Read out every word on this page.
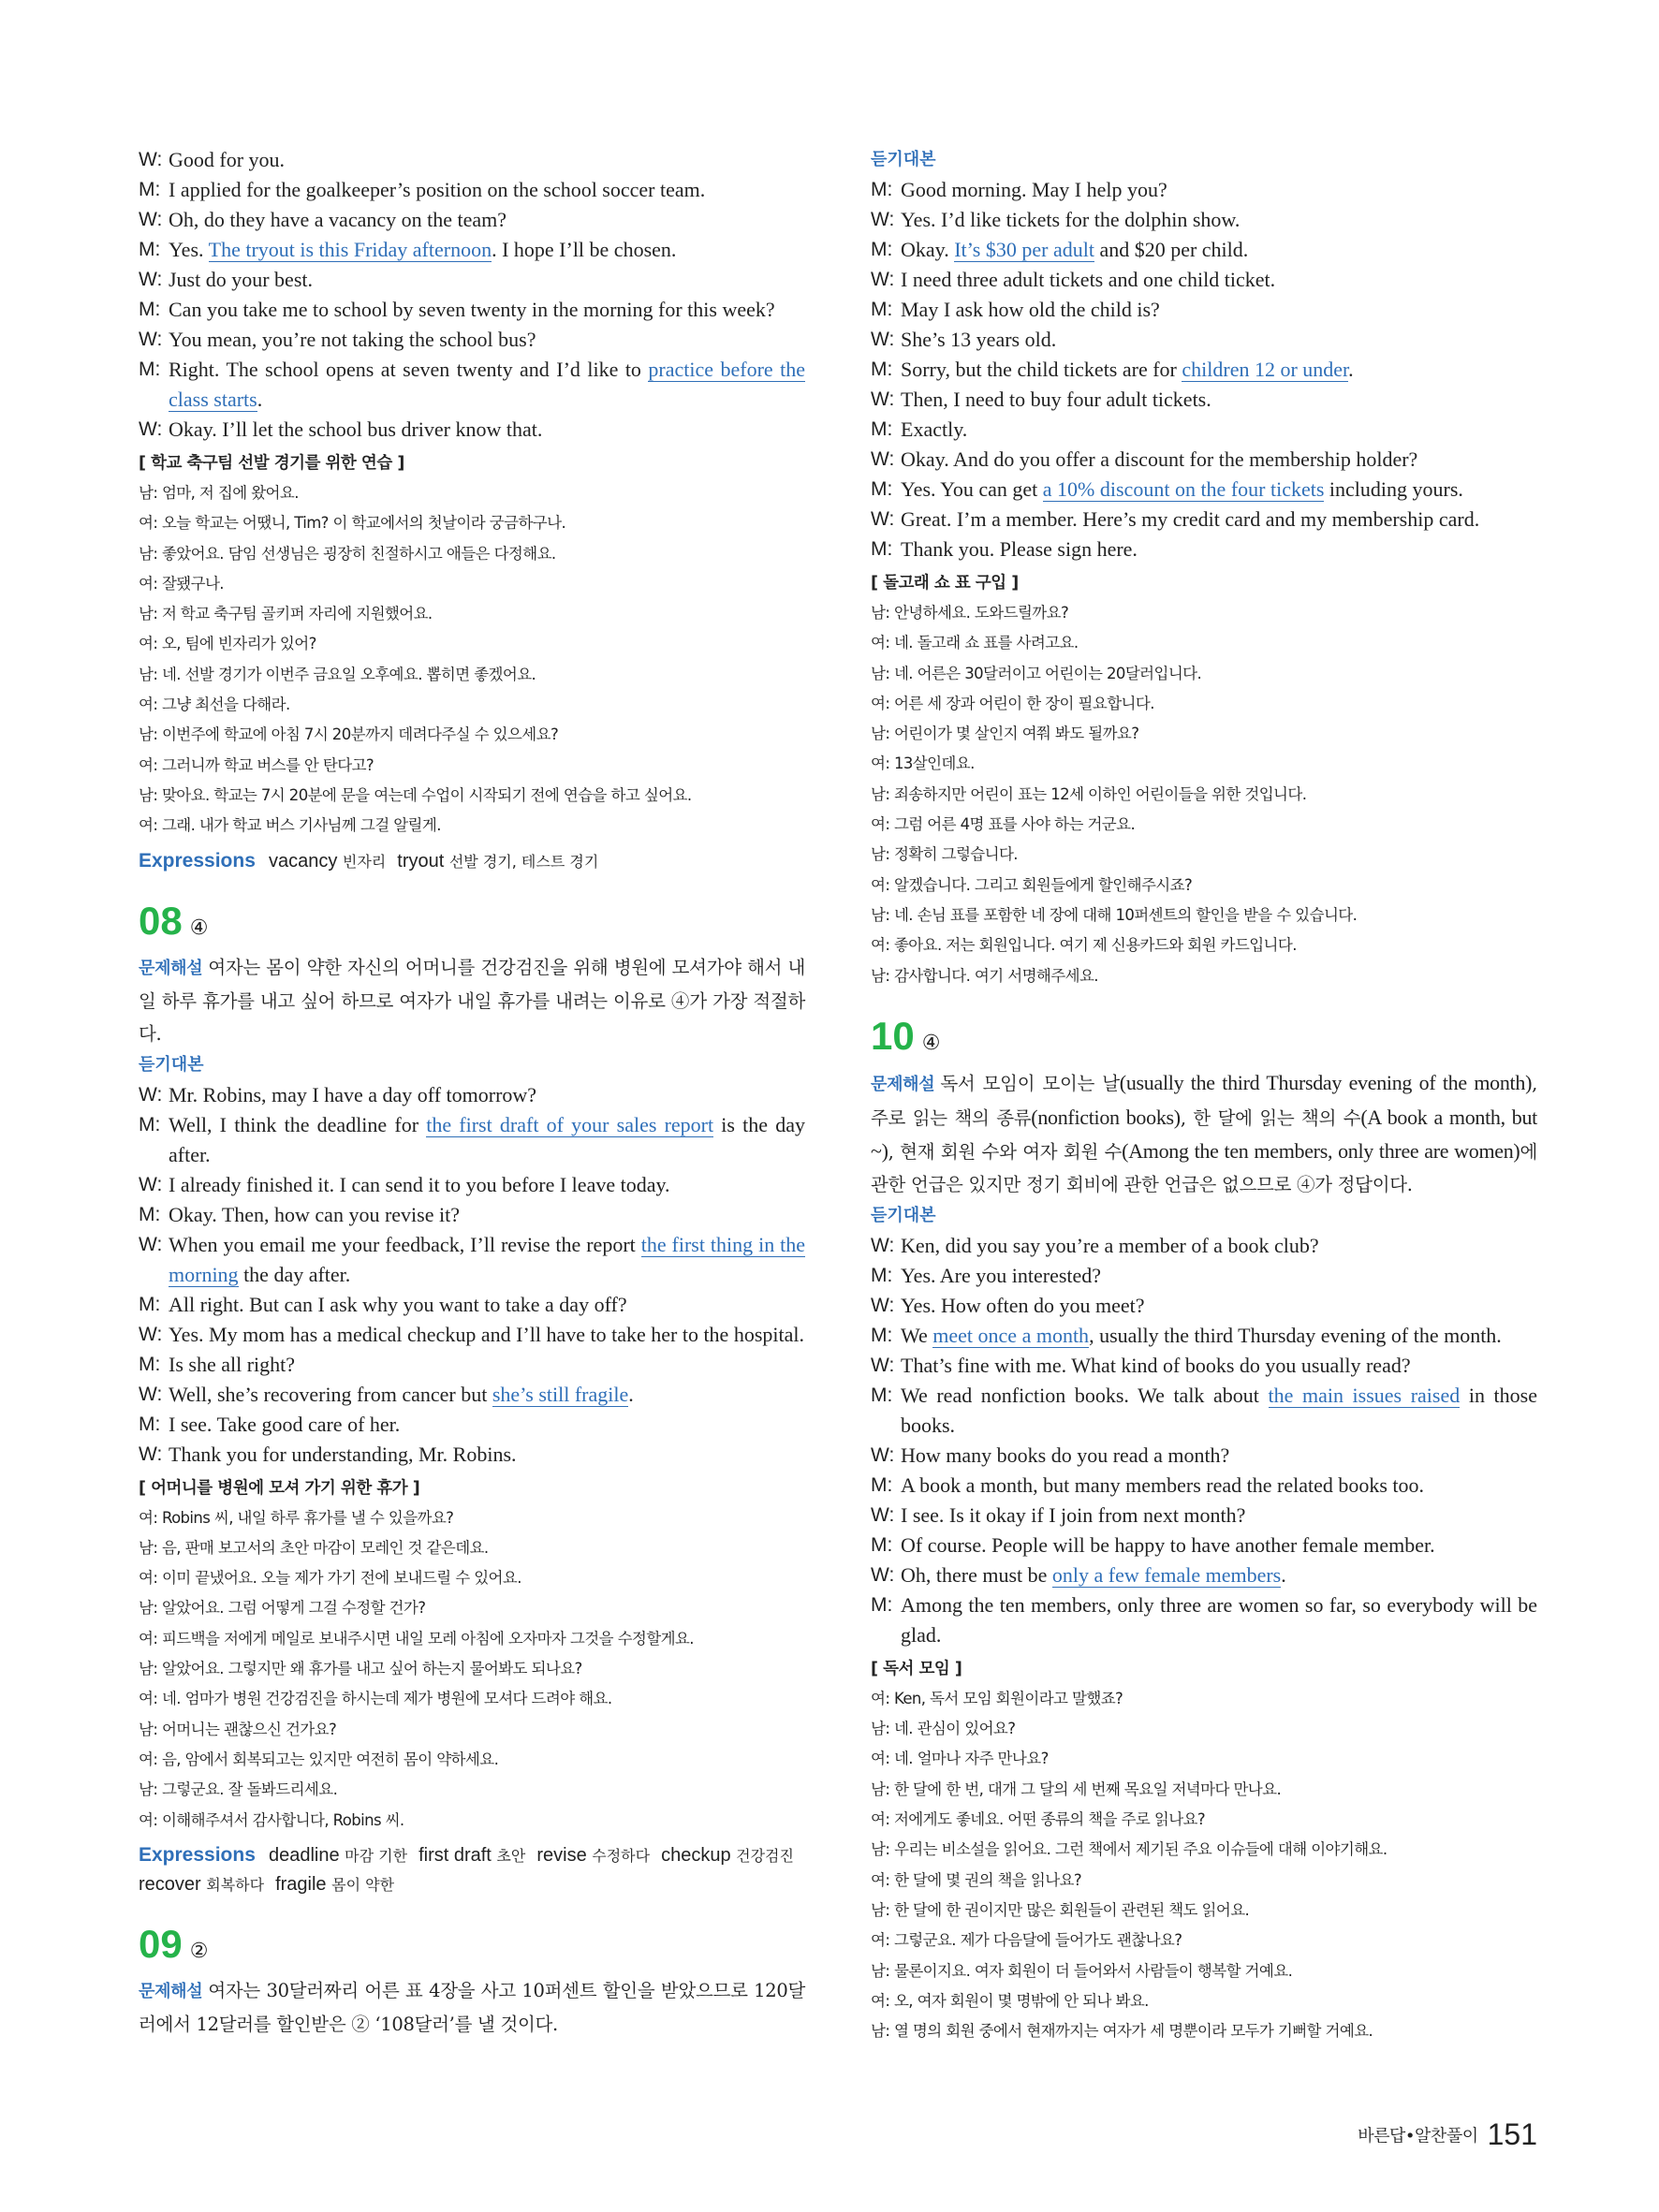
W: Good for you.
M: I applied for the goalkeeper’s position on the school soccer team.
W: Oh, do they have a vacancy on the team?
M: Yes. The tryout is this Friday afternoon. I hope I’ll be chosen.
W: Just do your best.
M: Can you take me to school by seven twenty in the morning for this week?
W: You mean, you’re not taking the school bus?
M: Right. The school opens at seven twenty and I’d like to practice before the class starts.
W: Okay. I’ll let the school bus driver know that.
[ 학교 축구팀 선발 경기를 위한 연습 ]
남: 엄마, 저 집에 왔어요.
여: 오늘 학교는 어땠니, Tim? 이 학교에서의 첫날이라 궁금하구나.
남: 좋았어요. 담임 선생님은 굉장히 친절하시고 애들은 다정해요.
여: 잘됐구나.
남: 저 학교 축구팀 골키퍼 자리에 지원했어요.
여: 오, 팀에 빈자리가 있어?
남: 네. 선발 경기가 이번주 금요일 오후예요. 뽑히면 좋겠어요.
여: 그냥 최선을 다해라.
남: 이번주에 학교에 아침 7시 20분까지 데려다주실 수 있으세요?
여: 그러니까 학교 버스를 안 탄다고?
남: 맞아요. 학교는 7시 20분에 문을 여는데 수업이 시작되기 전에 연습을 하고 싶어요.
여: 그래. 내가 학교 버스 기사님께 그걸 알릴게.
Expressions vacancy 빈자리 tryout 선발 경기, 테스트 경기
08 ④
문제해설 여자는 몸이 약한 자신의 어머니를 건강검진을 위해 병원에 모셔가야 해서 내일 하루 휴가를 내고 싶어 하므로 여자가 내일 휴가를 내려는 이유로 ④가 가장 적절하다.
듣기대본
W: Mr. Robins, may I have a day off tomorrow?
M: Well, I think the deadline for the first draft of your sales report is the day after.
W: I already finished it. I can send it to you before I leave today.
M: Okay. Then, how can you revise it?
W: When you email me your feedback, I’ll revise the report the first thing in the morning the day after.
M: All right. But can I ask why you want to take a day off?
W: Yes. My mom has a medical checkup and I’ll have to take her to the hospital.
M: Is she all right?
W: Well, she’s recovering from cancer but she’s still fragile.
M: I see. Take good care of her.
W: Thank you for understanding, Mr. Robins.
[ 어머니를 병원에 모셔 가기 위한 휴가 ]
여: Robins 씨, 내일 하루 휴가를 낼 수 있을까요?
남: 음, 판매 보고서의 초안 마감이 모레인 것 같은데요.
여: 이미 끝냈어요. 오늘 제가 가기 전에 보내드릴 수 있어요.
남: 알았어요. 그럼 어떻게 그걸 수정할 건가?
여: 피드백을 저에게 메일로 보내주시면 내일 모레 아침에 오자마자 그것을 수정할게요.
남: 알았어요. 그렇지만 왜 휴가를 내고 싶어 하는지 물어봐도 되나요?
여: 네. 엄마가 병원 건강검진을 하시는데 제가 병원에 모셔다 드려야 해요.
남: 어머니는 괜찮으신 건가요?
여: 음, 암에서 회복되고는 있지만 여전히 몸이 약하세요.
남: 그렇군요. 잘 돌봐드리세요.
여: 이해해주셔서 감사합니다, Robins 씨.
Expressions deadline 마감 기한 first draft 초안 revise 수정하다 checkup 건강검진recover 회복하다 fragile 몸이 약한
09 ②
문제해설 여자는 30달러짜리 어른 표 4장을 사고 10퍼센트 할인을 받았으므로 120달러에서 12달러를 할인받은 ② ‘108달러’를 낼 것이다.
듣기대본
M: Good morning. May I help you?
W: Yes. I’d like tickets for the dolphin show.
M: Okay. It’s $30 per adult and $20 per child.
W: I need three adult tickets and one child ticket.
M: May I ask how old the child is?
W: She’s 13 years old.
M: Sorry, but the child tickets are for children 12 or under.
W: Then, I need to buy four adult tickets.
M: Exactly.
W: Okay. And do you offer a discount for the membership holder?
M: Yes. You can get a 10% discount on the four tickets including yours.
W: Great. I’m a member. Here’s my credit card and my membership card.
M: Thank you. Please sign here.
[ 돌고래 쇼 표 구입 ]
남: 안녕하세요. 도와드릴까요?
여: 네. 돌고래 쇼 표를 사려고요.
남: 네. 어른은 30달러이고 어린이는 20달러입니다.
여: 어른 세 장과 어린이 한 장이 필요합니다.
남: 어린이가 몇 살인지 여쭤 봐도 될까요?
여: 13살인데요.
남: 죄송하지만 어린이 표는 12세 이하인 어린이들을 위한 것입니다.
여: 그럼 어른 4명 표를 사야 하는 거군요.
남: 정확히 그렇습니다.
여: 알겠습니다. 그리고 회원들에게 할인해주시죠?
남: 네. 손님 표를 포함한 네 장에 대해 10퍼센트의 할인을 받을 수 있습니다.
여: 좋아요. 저는 회원입니다. 여기 제 신용카드와 회원 카드입니다.
남: 감사합니다. 여기 서명해주세요.
10 ④
문제해설 독서 모임이 모이는 날(usually the third Thursday evening of the month), 주로 읽는 책의 종류(nonfiction books), 한 달에 읽는 책의 수(A book a month, but ~), 현재 회원 수와 여자 회원 수(Among the ten members, only three are women)에 관한 언급은 있지만 정기 회비에 관한 언급은 없으므로 ④가 정답이다.
듣기대본
W: Ken, did you say you’re a member of a book club?
M: Yes. Are you interested?
W: Yes. How often do you meet?
M: We meet once a month, usually the third Thursday evening of the month.
W: That’s fine with me. What kind of books do you usually read?
M: We read nonfiction books. We talk about the main issues raised in those books.
W: How many books do you read a month?
M: A book a month, but many members read the related books too.
W: I see. Is it okay if I join from next month?
M: Of course. People will be happy to have another female member.
W: Oh, there must be only a few female members.
M: Among the ten members, only three are women so far, so everybody will be glad.
[ 독서 모임 ]
여: Ken, 독서 모임 회원이라고 말했죠?
남: 네. 관심이 있어요?
여: 네. 얼마나 자주 만나요?
남: 한 달에 한 번, 대개 그 달의 세 번째 목요일 저녁마다 만나요.
여: 저에게도 좋네요. 어떤 종류의 책을 주로 읽나요?
남: 우리는 비소설을 읽어요. 그런 책에서 제기된 주요 이슈들에 대해 이야기해요.
여: 한 달에 몇 권의 책을 읽나요?
남: 한 달에 한 권이지만 많은 회원들이 관련된 책도 읽어요.
여: 그렇군요. 제가 다음달에 들어가도 괜찮나요?
남: 물론이지요. 여자 회원이 더 들어와서 사람들이 행복할 거예요.
여: 오, 여자 회원이 몇 명밖에 안 되나 봐요.
남: 열 명의 회원 중에서 현재까지는 여자가 세 명뿐이라 모두가 기뻐할 거예요.
바른답•알찬풀이 151
